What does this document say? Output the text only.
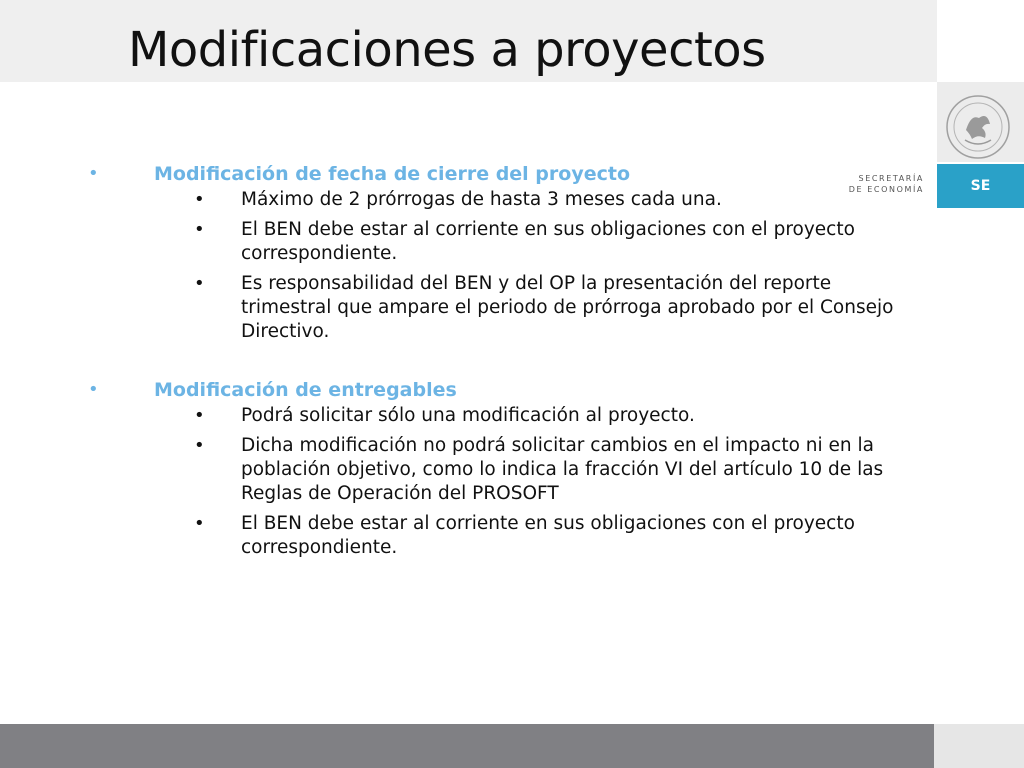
Modificaciones a proyectos
SECRETARÍA
DE ECONOMÍA	SE
•	Modificación de fecha de cierre del proyecto
• Máximo de 2 prórrogas de hasta 3 meses cada una.
• El BEN debe estar al corriente en sus obligaciones con el proyecto correspondiente.
• Es responsabilidad del BEN y del OP la presentación del reporte trimestral que ampare el periodo de prórroga aprobado por el Consejo Directivo.
•	Modificación de entregables
• Podrá solicitar sólo una modificación al proyecto.
• Dicha modificación no podrá solicitar cambios en el impacto ni en la población objetivo, como lo indica la fracción VI del artículo 10 de las Reglas de Operación del PROSOFT
• El BEN debe estar al corriente en sus obligaciones con el proyecto correspondiente.
